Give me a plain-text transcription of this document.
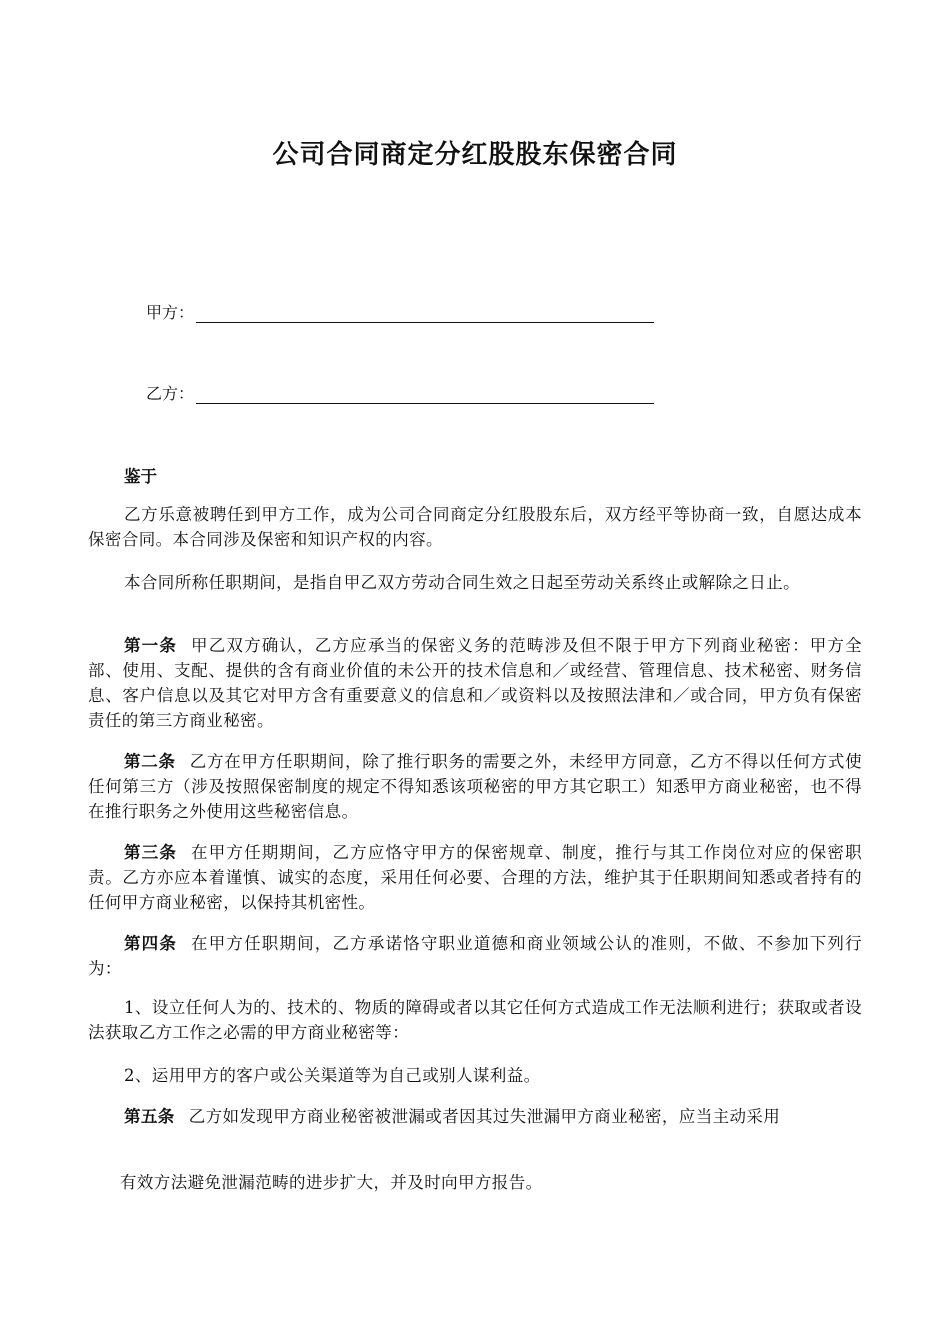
公司合同商定分红股股东保密合同
甲方：
乙方：
鉴于

乙方乐意被聘任到甲方工作，成为公司合同商定分红股股东后，双方经平等协商一致，自愿达成本保密合同。本合同涉及保密和知识产权的内容。

本合同所称任职期间，是指自甲乙双方劳动合同生效之日起至劳动关系终止或解除之日止。

第一条 甲乙双方确认，乙方应承当的保密义务的范畴涉及但不限于甲方下列商业秘密：甲方全部、使用、支配、提供的含有商业价值的未公开的技术信息和／或经营、管理信息、技术秘密、财务信息、客户信息以及其它对甲方含有重要意义的信息和／或资料以及按照法津和／或合同，甲方负有保密责任的第三方商业秘密。

第二条 乙方在甲方任职期间，除了推行职务的需要之外，未经甲方同意，乙方不得以任何方式使任何第三方（涉及按照保密制度的规定不得知悉该项秘密的甲方其它职工）知悉甲方商业秘密，也不得在推行职务之外使用这些秘密信息。

第三条 在甲方任期期间，乙方应恪守甲方的保密规章、制度，推行与其工作岗位对应的保密职责。乙方亦应本着谨慎、诚实的态度，采用任何必要、合理的方法，维护其于任职期间知悉或者持有的任何甲方商业秘密，以保持其机密性。

第四条 在甲方任职期间，乙方承诺恪守职业道德和商业领域公认的准则，不做、不参加下列行为：

1、设立任何人为的、技术的、物质的障碍或者以其它任何方式造成工作无法顺利进行；获取或者设法获取乙方工作之必需的甲方商业秘密等：

2、运用甲方的客户或公关渠道等为自己或别人谋利益。

第五条 乙方如发现甲方商业秘密被泄漏或者因其过失泄漏甲方商业秘密，应当主动采用

有效方法避免泄漏范畴的进步扩大，并及时向甲方报告。
